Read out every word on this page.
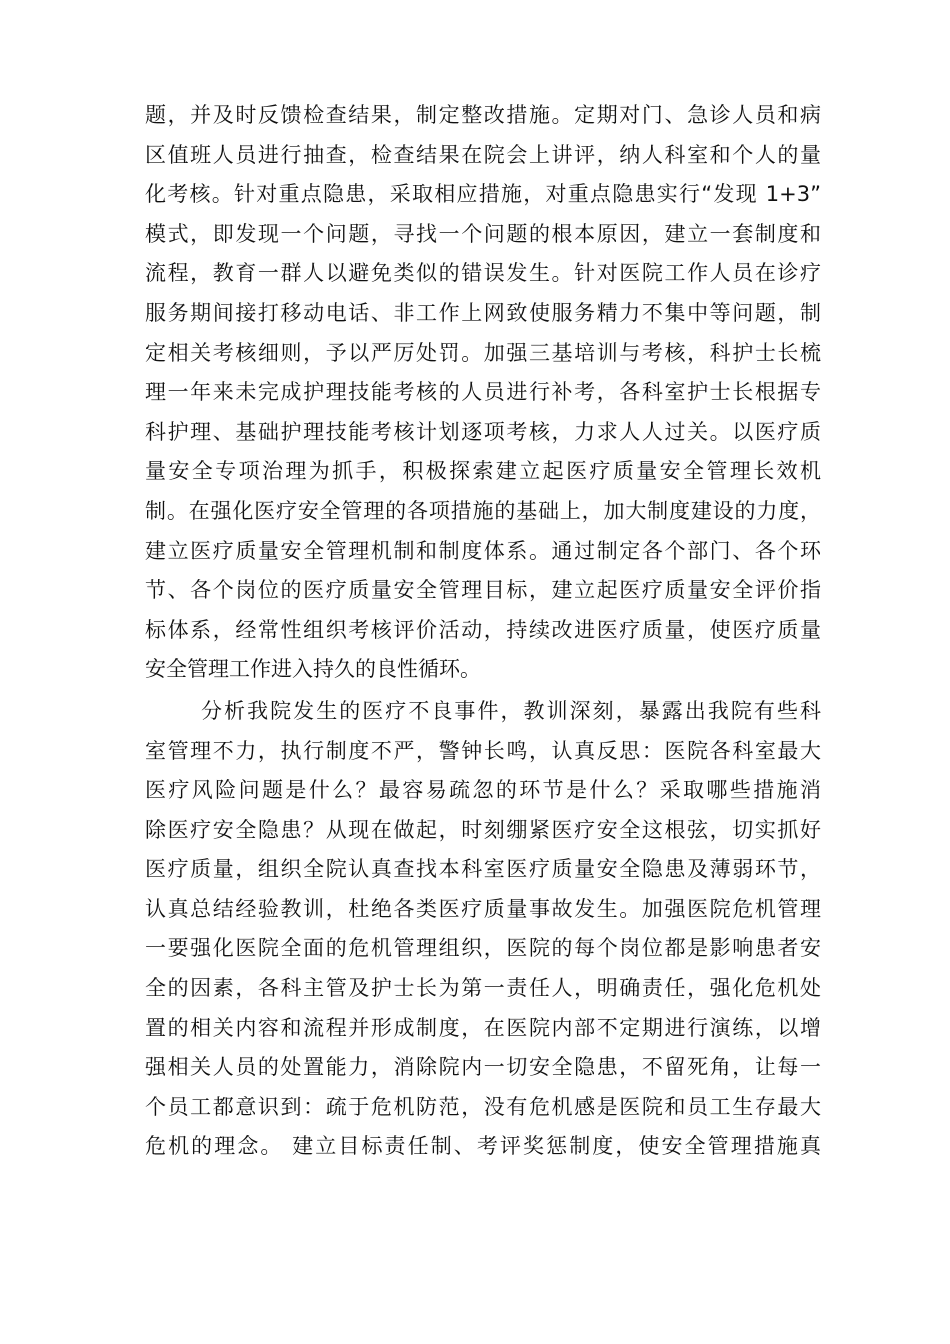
题，并及时反馈检查结果，制定整改措施。定期对门、急诊人员和病
区值班人员进行抽查，检查结果在院会上讲评，纳人科室和个人的量
化考核。针对重点隐患，采取相应措施，对重点隐患实行“发现 1+3”
模式，即发现一个问题，寻找一个问题的根本原因，建立一套制度和
流程，教育一群人以避免类似的错误发生。针对医院工作人员在诊疗
服务期间接打移动电话、非工作上网致使服务精力不集中等问题，制
定相关考核细则，予以严厉处罚。加强三基培训与考核，科护士长梳
理一年来未完成护理技能考核的人员进行补考，各科室护士长根据专
科护理、基础护理技能考核计划逐项考核，力求人人过关。以医疗质
量安全专项治理为抓手，积极探索建立起医疗质量安全管理长效机
制。在强化医疗安全管理的各项措施的基础上，加大制度建设的力度，
建立医疗质量安全管理机制和制度体系。通过制定各个部门、各个环
节、各个岗位的医疗质量安全管理目标，建立起医疗质量安全评价指
标体系，经常性组织考核评价活动，持续改进医疗质量，使医疗质量
安全管理工作进入持久的良性循环。
分析我院发生的医疗不良事件，教训深刻，暴露出我院有些科
室管理不力，执行制度不严，警钟长鸣，认真反思：医院各科室最大
医疗风险问题是什么？最容易疏忽的环节是什么？采取哪些措施消
除医疗安全隐患？从现在做起，时刻绷紧医疗安全这根弦，切实抓好
医疗质量，组织全院认真查找本科室医疗质量安全隐患及薄弱环节，
认真总结经验教训，杜绝各类医疗质量事故发生。加强医院危机管理
一要强化医院全面的危机管理组织，医院的每个岗位都是影响患者安
全的因素，各科主管及护士长为第一责任人，明确责任，强化危机处
置的相关内容和流程并形成制度，在医院内部不定期进行演练，以增
强相关人员的处置能力，消除院内一切安全隐患，不留死角，让每一
个员工都意识到：疏于危机防范，没有危机感是医院和员工生存最大
危机的理念。 建立目标责任制、考评奖惩制度，使安全管理措施真
